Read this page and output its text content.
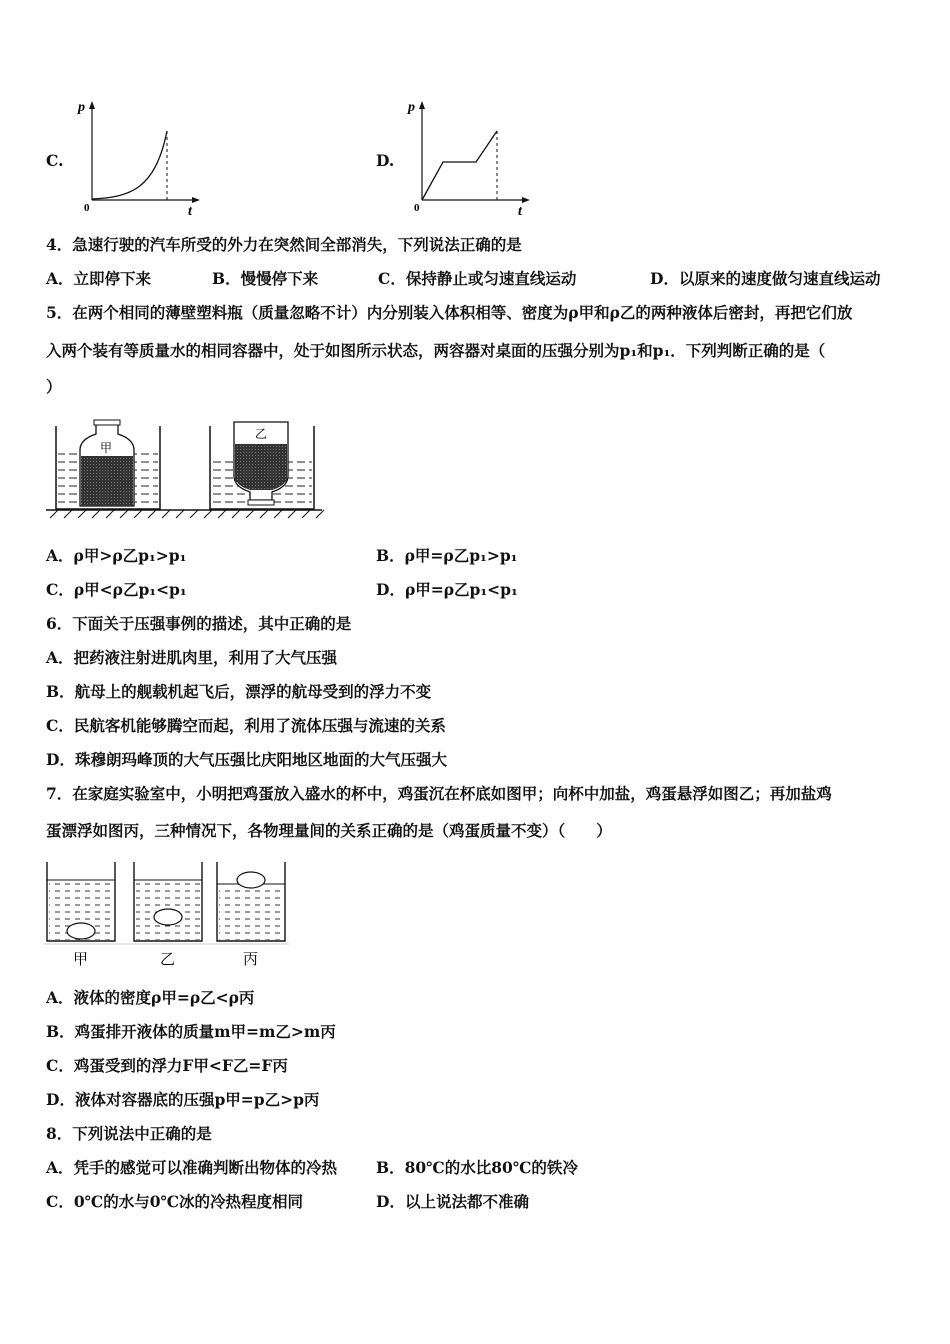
C.
p
t
0
D.
p
t
0
4．急速行驶的汽车所受的外力在突然间全部消失，下列说法正确的是
A．立即停下来	B．慢慢停下来	C．保持静止或匀速直线运动	D．以原来的速度做匀速直线运动
5．在两个相同的薄壁塑料瓶（质量忽略不计）内分别装入体积相等、密度为ρ甲和ρ乙的两种液体后密封，再把它们放
入两个装有等质量水的相同容器中，处于如图所示状态，两容器对桌面的压强分别为p₁和p₁．下列判断正确的是（
）
甲
乙
A．ρ甲>ρ乙p₁>p₁	B．ρ甲=ρ乙p₁>p₁
C．ρ甲<ρ乙p₁<p₁	D．ρ甲=ρ乙p₁<p₁
6．下面关于压强事例的描述，其中正确的是
A．把药液注射进肌肉里，利用了大气压强
B．航母上的舰载机起飞后，漂浮的航母受到的浮力不变
C．民航客机能够腾空而起，利用了流体压强与流速的关系
D．珠穆朗玛峰顶的大气压强比庆阳地区地面的大气压强大
7．在家庭实验室中，小明把鸡蛋放入盛水的杯中，鸡蛋沉在杯底如图甲；向杯中加盐，鸡蛋悬浮如图乙；再加盐鸡
蛋漂浮如图丙，三种情况下，各物理量间的关系正确的是（鸡蛋质量不变）（　　）
甲	乙	丙
A．液体的密度ρ甲=ρ乙<ρ丙
B．鸡蛋排开液体的质量m甲=m乙>m丙
C．鸡蛋受到的浮力F甲<F乙=F丙
D．液体对容器底的压强p甲=p乙>p丙
8．下列说法中正确的是
A．凭手的感觉可以准确判断出物体的冷热	B．80℃的水比80℃的铁冷
C．0℃的水与0℃冰的冷热程度相同	D．以上说法都不准确
